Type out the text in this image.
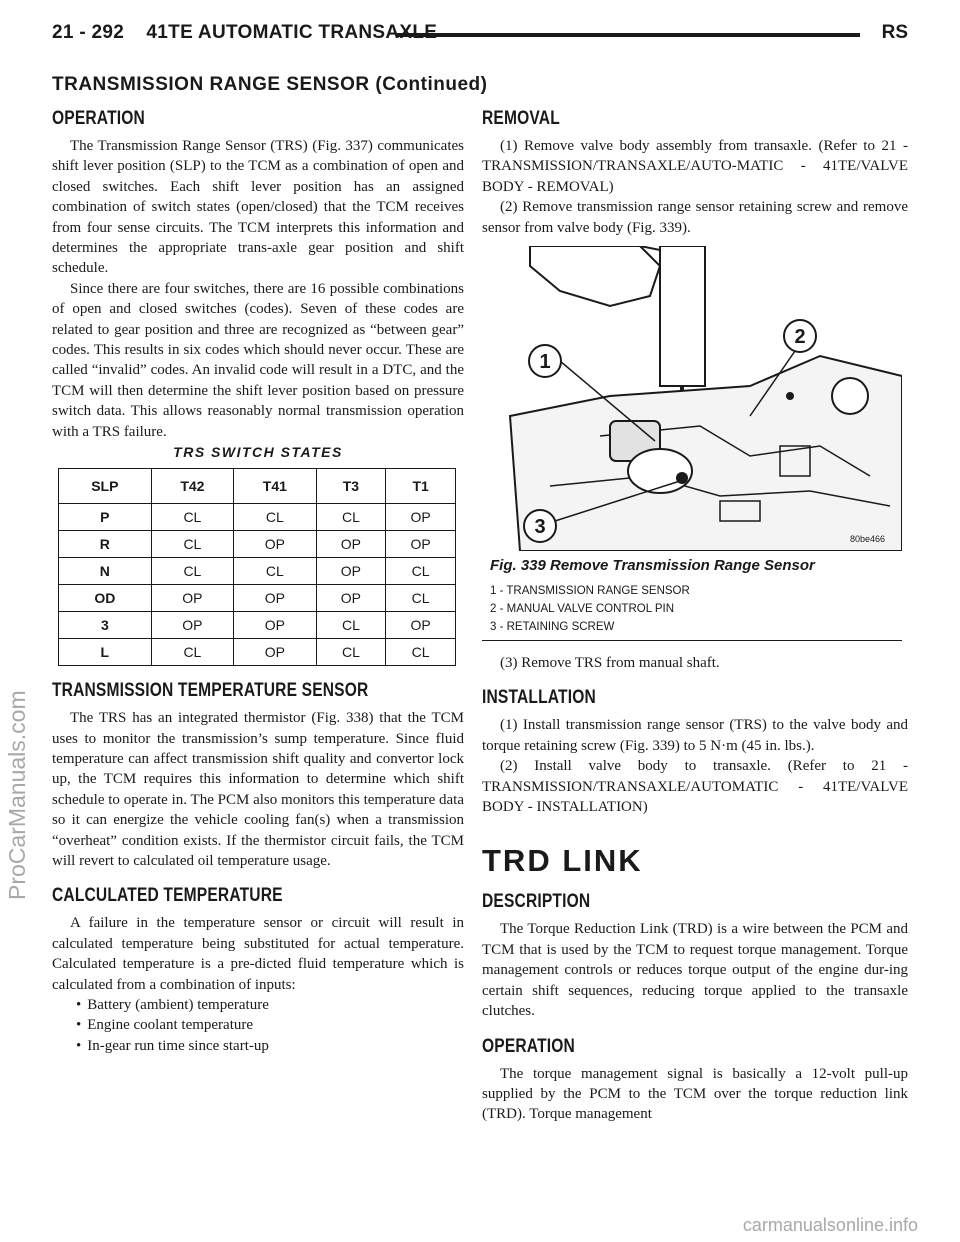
21 - 292    41TE AUTOMATIC TRANSAXLE	RS
TRANSMISSION RANGE SENSOR (Continued)
OPERATION

The Transmission Range Sensor (TRS) (Fig. 337) communicates shift lever position (SLP) to the TCM as a combination of open and closed switches. Each shift lever position has an assigned combination of switch states (open/closed) that the TCM receives from four sense circuits. The TCM interprets this information and determines the appropriate trans-axle gear position and shift schedule.

Since there are four switches, there are 16 possible combinations of open and closed switches (codes). Seven of these codes are related to gear position and three are recognized as “between gear” codes. This results in six codes which should never occur. These are called “invalid” codes. An invalid code will result in a DTC, and the TCM will then determine the shift lever position based on pressure switch data. This allows reasonably normal transmission operation with a TRS failure.

TRS SWITCH STATES
SLP	T42	T41	T3	T1
P	CL	CL	CL	OP
R	CL	OP	OP	OP
N	CL	CL	OP	CL
OD	OP	OP	OP	CL
3	OP	OP	CL	OP
L	CL	OP	CL	CL
TRANSMISSION TEMPERATURE SENSOR

The TRS has an integrated thermistor (Fig. 338) that the TCM uses to monitor the transmission’s sump temperature. Since fluid temperature can affect transmission shift quality and convertor lock up, the TCM requires this information to determine which shift schedule to operate in. The PCM also monitors this temperature data so it can energize the vehicle cooling fan(s) when a transmission “overheat” condition exists. If the thermistor circuit fails, the TCM will revert to calculated oil temperature usage.

CALCULATED TEMPERATURE

A failure in the temperature sensor or circuit will result in calculated temperature being substituted for actual temperature. Calculated temperature is a pre-dicted fluid temperature which is calculated from a combination of inputs:

• Battery (ambient) temperature
• Engine coolant temperature
• In-gear run time since start-up
REMOVAL

(1) Remove valve body assembly from transaxle. (Refer to 21 - TRANSMISSION/TRANSAXLE/AUTO-MATIC - 41TE/VALVE BODY - REMOVAL)

(2) Remove transmission range sensor retaining screw and remove sensor from valve body (Fig. 339).

1
2
3
80be466
Fig. 339 Remove Transmission Range Sensor
1 - TRANSMISSION RANGE SENSOR
2 - MANUAL VALVE CONTROL PIN
3 - RETAINING SCREW

(3) Remove TRS from manual shaft.

INSTALLATION

(1) Install transmission range sensor (TRS) to the valve body and torque retaining screw (Fig. 339) to 5 N·m (45 in. lbs.).

(2) Install valve body to transaxle. (Refer to 21 - TRANSMISSION/TRANSAXLE/AUTOMATIC - 41TE/VALVE BODY - INSTALLATION)

TRD LINK
DESCRIPTION

The Torque Reduction Link (TRD) is a wire between the PCM and TCM that is used by the TCM to request torque management. Torque management controls or reduces torque output of the engine dur-ing certain shift sequences, reducing torque applied to the transaxle clutches.

OPERATION

The torque management signal is basically a 12-volt pull-up supplied by the PCM to the TCM over the torque reduction link (TRD). Torque management

ProCarManuals.com
carmanualsonline.info
